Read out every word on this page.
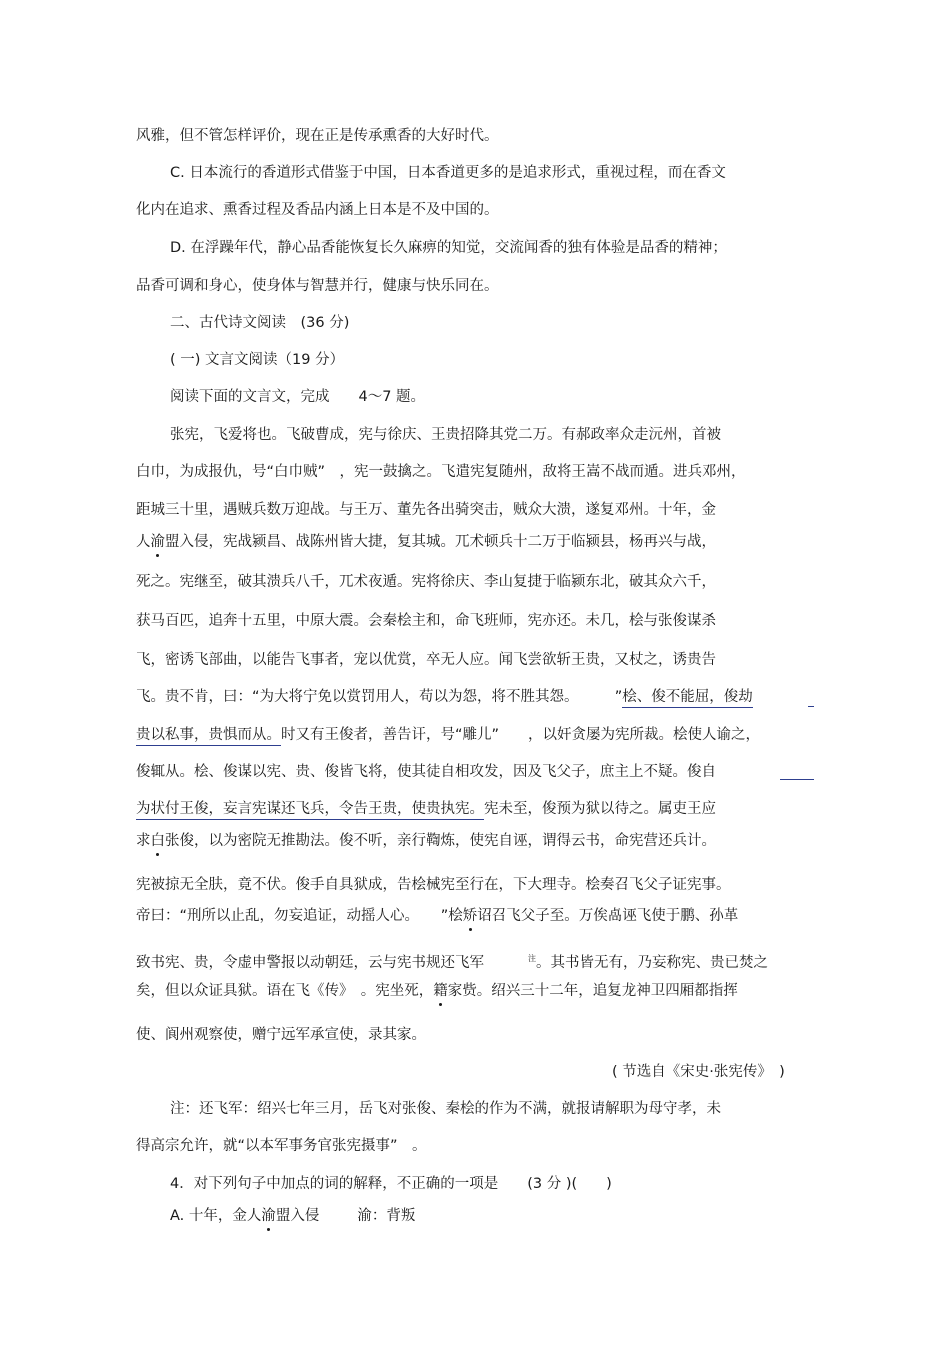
风雅，但不管怎样评价，现在正是传承熏香的大好时代。
C. 日本流行的香道形式借鉴于中国，日本香道更多的是追求形式，重视过程，而在香文
化内在追求、熏香过程及香品内涵上日本是不及中国的。
D. 在浮躁年代，静心品香能恢复长久麻痹的知觉，交流闻香的独有体验是品香的精神；
品香可调和身心，使身体与智慧并行，健康与快乐同在。
二、古代诗文阅读　(36 分)
( 一) 文言文阅读（19 分）
阅读下面的文言文，完成　　4～7 题。
张宪，飞爱将也。飞破曹成，宪与徐庆、王贵招降其党二万。有郝政率众走沅州，首被
白巾，为成报仇，号“白巾贼”　，宪一鼓擒之。飞遣宪复随州，敌将王嵩不战而遁。进兵邓州，
距城三十里，遇贼兵数万迎战。与王万、董先各出骑突击，贼众大溃，遂复邓州。十年，金
人渝盟入侵，宪战颍昌、战陈州皆大捷，复其城。兀术顿兵十二万于临颍县，杨再兴与战，
死之。宪继至，破其溃兵八千，兀术夜遁。宪将徐庆、李山复捷于临颍东北，破其众六千，
获马百匹，追奔十五里，中原大震。会秦桧主和，命飞班师，宪亦还。未几，桧与张俊谋杀
飞，密诱飞部曲，以能告飞事者，宠以优赏，卒无人应。闻飞尝欲斩王贵，又杖之，诱贵告
飞。贵不肯，曰：“为大将宁免以赏罚用人，苟以为怨，将不胜其怨。　　　”桧、俊不能屈，俊劫
贵以私事，贵惧而从。时又有王俊者，善告讦，号“雕儿”　　，以奸贪屡为宪所裁。桧使人谕之，
俊辄从。桧、俊谋以宪、贵、俊皆飞将，使其徒自相攻发，因及飞父子，庶主上不疑。俊自
为状付王俊，妄言宪谋还飞兵，令告王贵，使贵执宪。宪未至，俊预为狱以待之。属吏王应
求白张俊，以为密院无推勘法。俊不听，亲行鞫炼，使宪自诬，谓得云书，命宪营还兵计。
宪被掠无全肤，竟不伏。俊手自具狱成，告桧械宪至行在，下大理寺。桧奏召飞父子证宪事。
帝曰：“刑所以止乱，勿妄追证，动摇人心。　　”桧矫诏召飞父子至。万俟卨诬飞使于鹏、孙革
致书宪、贵，令虚申警报以动朝廷，云与宪书规还飞军	$^注$。其书皆无有，乃妄称宪、贵已焚之
矣，但以众证具狱。语在飞《传》　。宪坐死，籍家赀。绍兴三十二年，追复龙神卫四厢都指挥
使、阆州观察使，赠宁远军承宣使，录其家。
( 节选自《宋史·张宪传》　)
注：还飞军：绍兴七年三月，岳飞对张俊、秦桧的作为不满，就报请解职为母守孝，未
得高宗允许，就“以本军事务官张宪摄事”　。
4．对下列句子中加点的词的解释，不正确的一项是　　(3 分 )(　　)
A. 十年，金人渝盟入侵	渝：背叛
